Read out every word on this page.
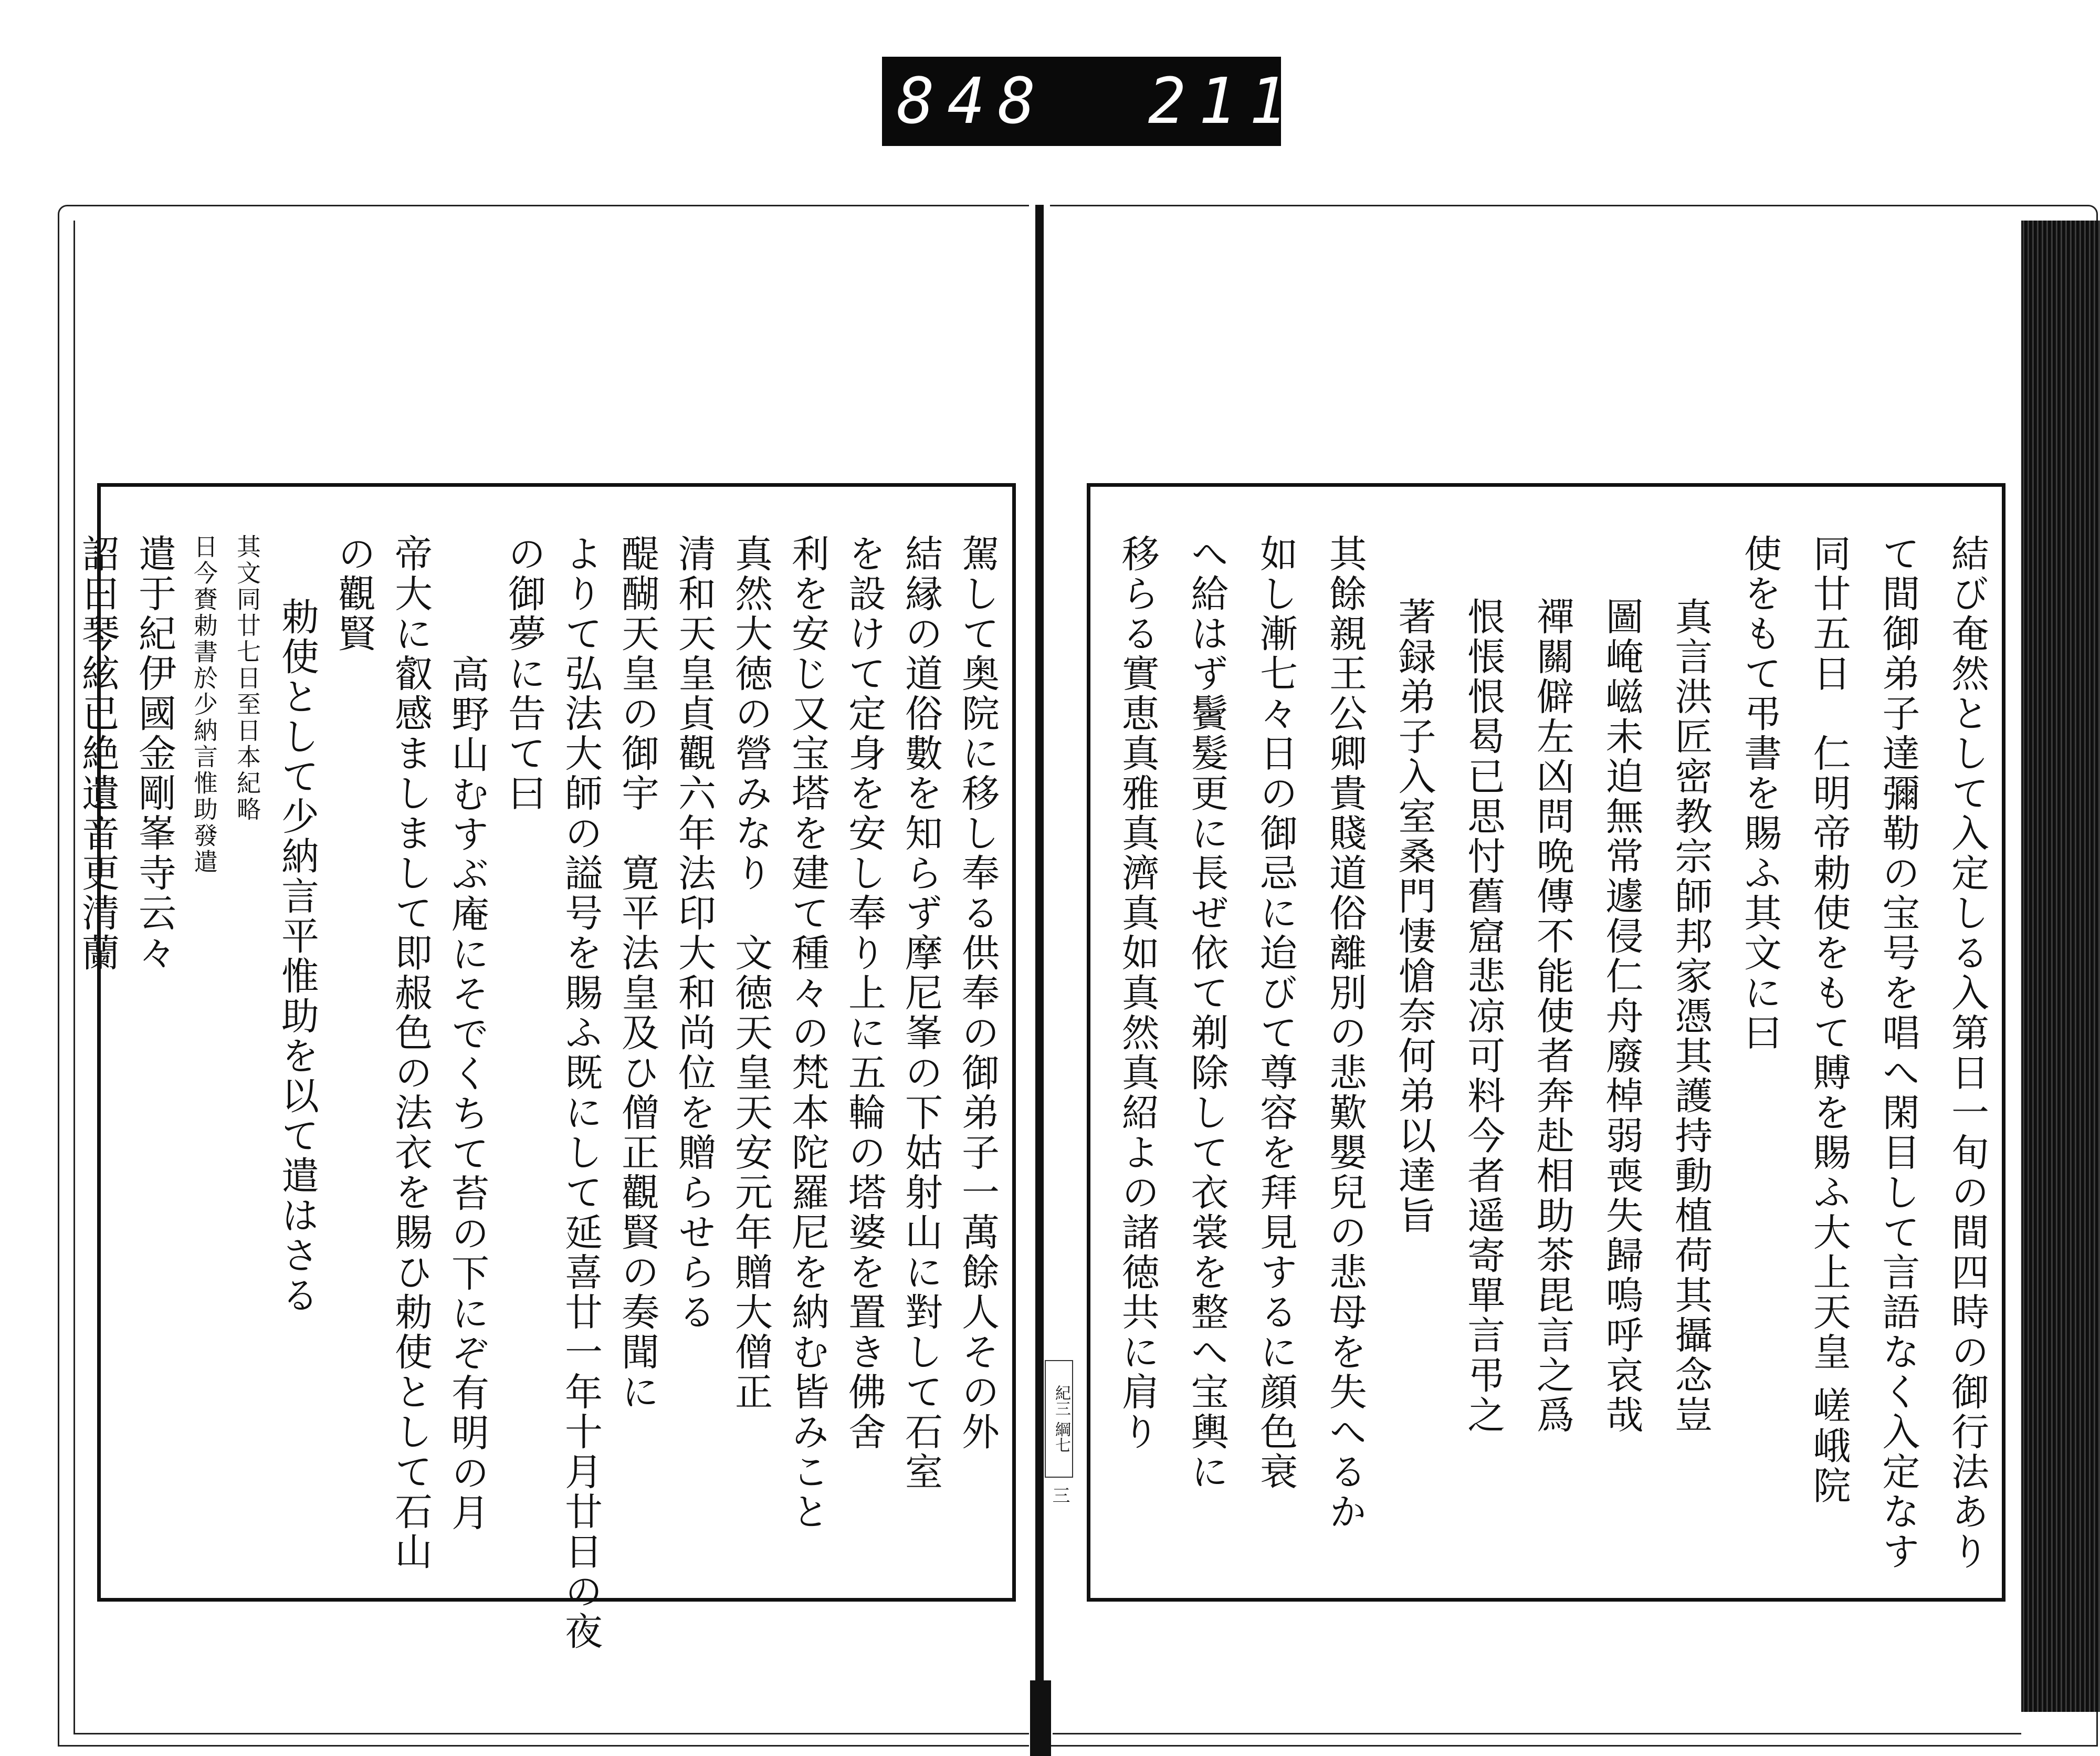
848 211.
結び奄然として入定しる入第日一旬の間四時の御行法あり
て間御弟子達彌勒の宝号を唱へ閑目して言語なく入定なす
同廿五日　仁明帝勅使をもて賻を賜ふ大上天皇 嵯峨院
使をもて弔書を賜ふ其文に曰
真言洪匠密教宗師邦家憑其護持動植荷其攝念豈
圖崦嵫未迫無常遽侵仁舟廢棹弱喪失歸嗚呼哀哉
禪關僻左凶問晩傳不能使者奔赴相助茶毘言之爲
恨悵恨曷已思忖舊窟悲凉可料今者遥寄單言弔之
著録弟子入室桑門悽愴奈何弟以達旨
其餘親王公卿貴賤道俗離別の悲歎嬰兒の悲母を失へるか
如し漸七々日の御忌に迨びて尊容を拜見するに顔色衰
へ給はず鬢髮更に長ぜ依て剃除して衣裳を整へ宝輿に
移らる實恵真雅真濟真如真然真紹よの諸徳共に肩り
紀三 綱七
三
駕して奥院に移し奉る供奉の御弟子一萬餘人その外
結縁の道俗數を知らず摩尼峯の下姑射山に對して石室
を設けて定身を安し奉り上に五輪の塔婆を置き佛舍
利を安じ又宝塔を建て種々の梵本陀羅尼を納む皆みこと
真然大徳の營みなり　文徳天皇天安元年贈大僧正
清和天皇貞觀六年法印大和尚位を贈らせらる
醍醐天皇の御宇　寛平法皇及ひ僧正觀賢の奏聞に
よりて弘法大師の謚号を賜ふ既にして延喜廿一年十月廿日の夜
の御夢に告て曰
高野山むすぶ庵にそでくちて苔の下にぞ有明の月
帝大に叡感ましまして即赧色の法衣を賜ひ勅使として石山
の觀賢
勅使として少納言平惟助を以て遣はさる
其文同廿七日至日本紀略
日今賚勅書於少納言惟助發遣
遣于紀伊國金剛峯寺云々
詔曰琴絃已絶遺音更清蘭
